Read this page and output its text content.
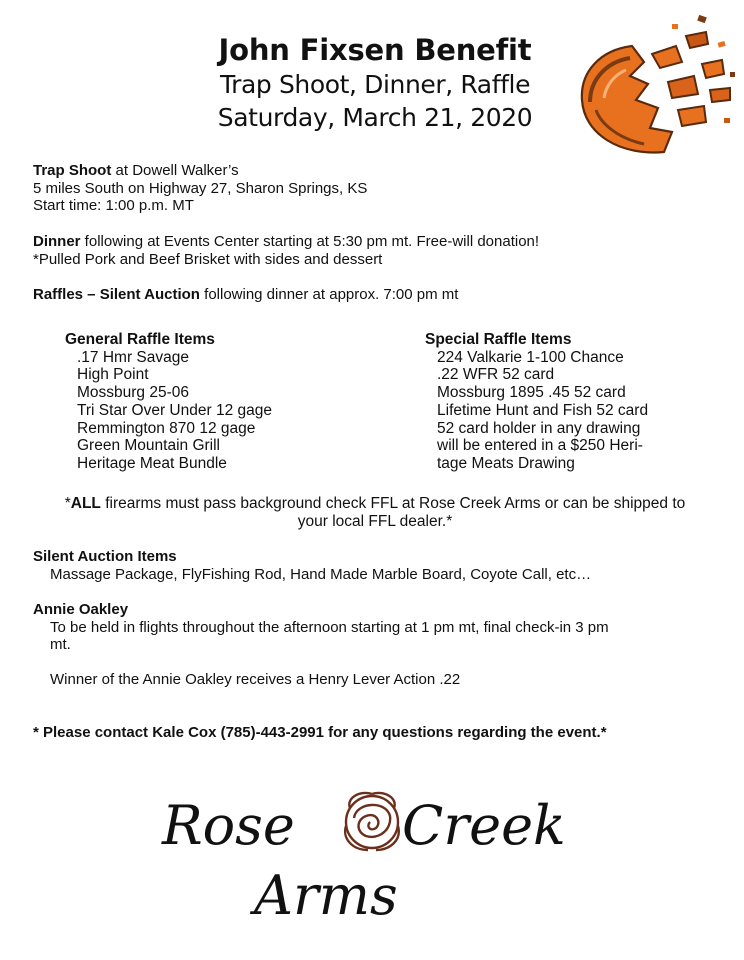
John Fixsen Benefit
Trap Shoot, Dinner, Raffle
Saturday, March 21, 2020
Trap Shoot at Dowell Walker’s
5 miles South on Highway 27, Sharon Springs, KS
Start time: 1:00 p.m. MT
Dinner following at Events Center starting at 5:30 pm mt. Free-will donation!
*Pulled Pork and Beef Brisket with sides and dessert
Raffles – Silent Auction following dinner at approx. 7:00 pm mt
General Raffle Items
.17 Hmr Savage
High Point
Mossburg 25-06
Tri Star Over Under 12 gage
Remmington 870 12 gage
Green Mountain Grill
Heritage Meat Bundle
Special Raffle Items
224 Valkarie 1-100 Chance
.22 WFR 52 card
Mossburg 1895 .45 52 card
Lifetime Hunt and Fish 52 card
52 card holder in any drawing
will be entered in a $250 Heri-
tage Meats Drawing
*ALL firearms must pass background check FFL at Rose Creek Arms or can be shipped to
your local FFL dealer.*
Silent Auction Items
Massage Package, FlyFishing Rod, Hand Made Marble Board, Coyote Call, etc…
Annie Oakley
To be held in flights throughout the afternoon starting at 1 pm mt, final check-in 3 pm
mt.
Winner of the Annie Oakley receives a Henry Lever Action .22
* Please contact Kale Cox (785)-443-2991 for any questions regarding the event.*
Rose Creek
Arms
